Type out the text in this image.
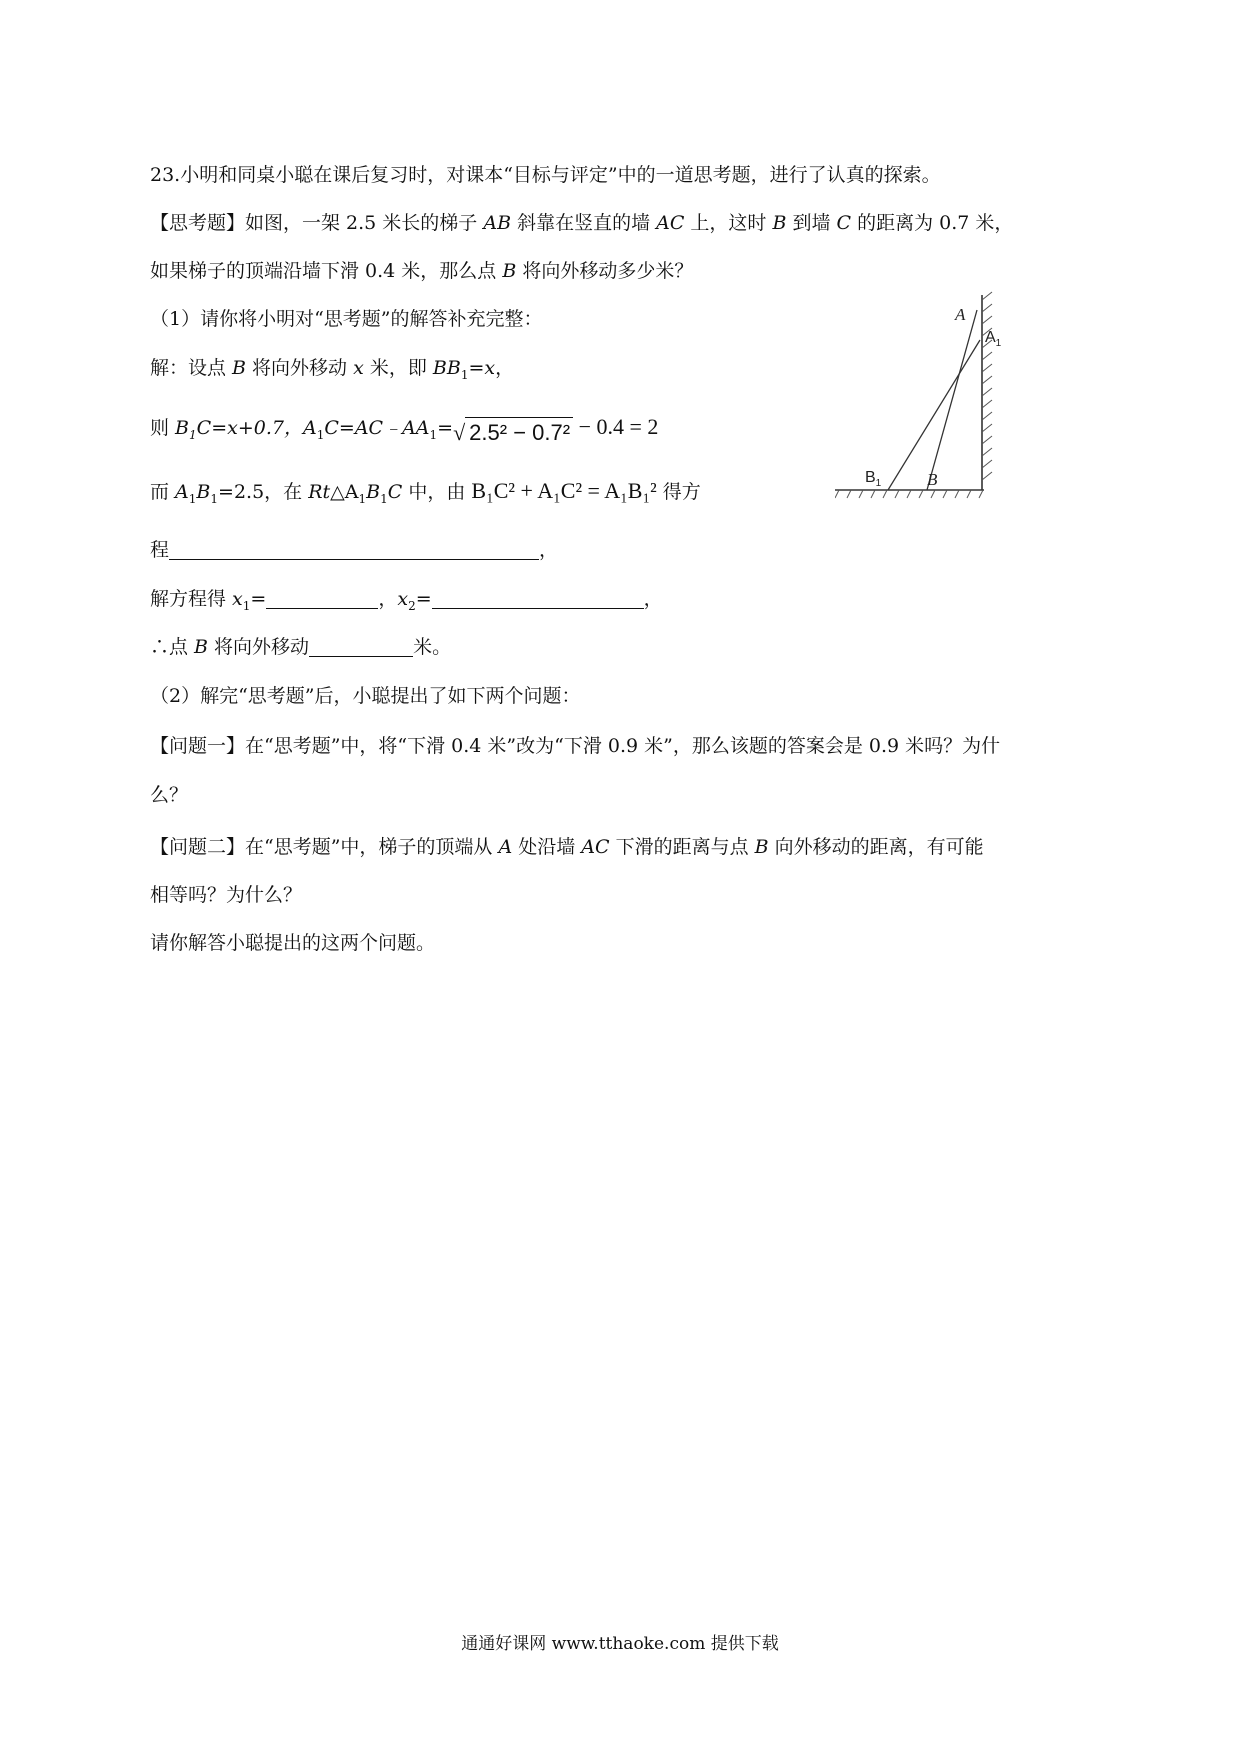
23.小明和同桌小聪在课后复习时，对课本“目标与评定”中的一道思考题，进行了认真的探索。
【思考题】如图，一架 2.5 米长的梯子 AB 斜靠在竖直的墙 AC 上，这时 B 到墙 C 的距离为 0.7 米，
如果梯子的顶端沿墙下滑 0.4 米，那么点 B 将向外移动多少米？
（1）请你将小明对“思考题”的解答补充完整：
解：设点 B 将向外移动 x 米，即 $BB_1=x$，
则 $B_1C=x+0.7$，$A_1C=AC﹣AA_1=√$ 2.5² − 0.7² − 0.4 = 2
而 $A_1B_1=2.5$，在 $Rt\triangle A_1B_1C$ 中，由 B₁C² + A₁C² = A₁B₁² 得方
程	，
解方程得 $x_1=$	，$x_2=$	，
∴点 B 将向外移动	米。
（2）解完“思考题”后，小聪提出了如下两个问题：
【问题一】在“思考题”中，将“下滑 0.4 米”改为“下滑 0.9 米”，那么该题的答案会是 0.9 米吗？为什
么？
【问题二】在“思考题”中，梯子的顶端从 A 处沿墙 AC 下滑的距离与点 B 向外移动的距离，有可能
相等吗？为什么？
请你解答小聪提出的这两个问题。
A
$A_1$
$B_1$	B
通通好课网 www.tthaoke.com 提供下载
